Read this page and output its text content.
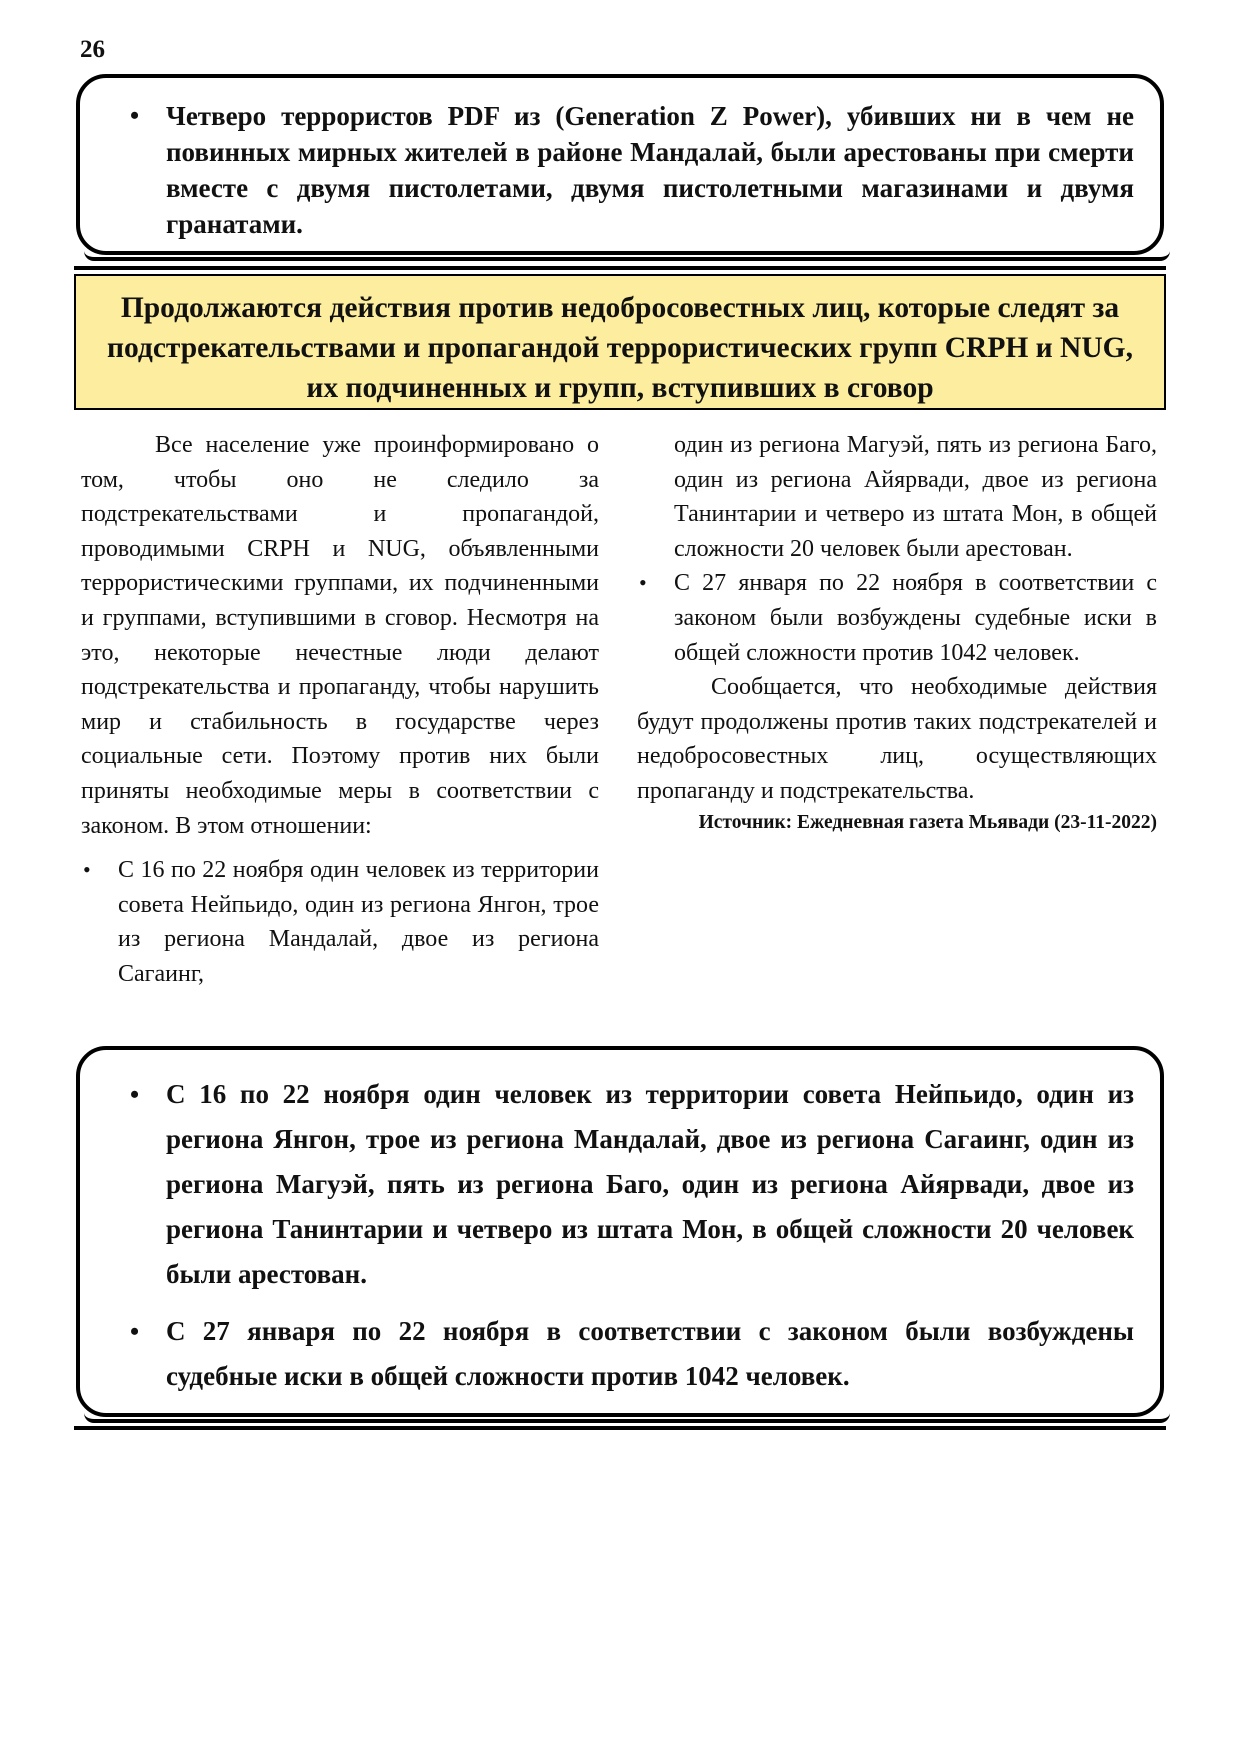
26
• Четверо террористов PDF из (Generation Z Power), убивших ни в чем не повинных мирных жителей в районе Мандалай, были арестованы при смерти вместе с двумя пистолетами, двумя пистолетными магазинами и двумя гранатами.
Продолжаются действия против недобросовестных лиц, которые следят за подстрекательствами и пропагандой террористических групп CRPH и NUG, их подчиненных и групп, вступивших в сговор

Все население уже проинформировано о том, чтобы оно не следило за подстрекательствами и пропагандой, проводимыми CRPH и NUG, объявленными террористическими группами, их подчиненными и группами, вступившими в сговор. Несмотря на это, некоторые нечестные люди делают подстрекательства и пропаганду, чтобы нарушить мир и стабильность в государстве через социальные сети. Поэтому против них были приняты необходимые меры в соответствии с законом. В этом отношении:

• С 16 по 22 ноября один человек из территории совета Нейпьидо, один из региона Янгон, трое из региона Мандалай, двое из региона Сагаинг,

один из региона Магуэй, пять из региона Баго, один из региона Айярвади, двое из региона Танинтарии и четверо из штата Мон, в общей сложности 20 человек были арестован.

• С 27 января по 22 ноября в соответствии с законом были возбуждены судебные иски в общей сложности против 1042 человек.

Сообщается, что необходимые действия будут продолжены против таких подстрекателей и недобросовестных лиц, осуществляющих пропаганду и подстрекательства.

Источник: Ежедневная газета Мьявади (23-11-2022)

• С 16 по 22 ноября один человек из территории совета Нейпьидо, один из региона Янгон, трое из региона Мандалай, двое из региона Сагаинг, один из региона Магуэй, пять из региона Баго, один из региона Айярвади, двое из региона Танинтарии и четверо из штата Мон, в общей сложности 20 человек были арестован.
• С 27 января по 22 ноября в соответствии с законом были возбуждены судебные иски в общей сложности против 1042 человек.
